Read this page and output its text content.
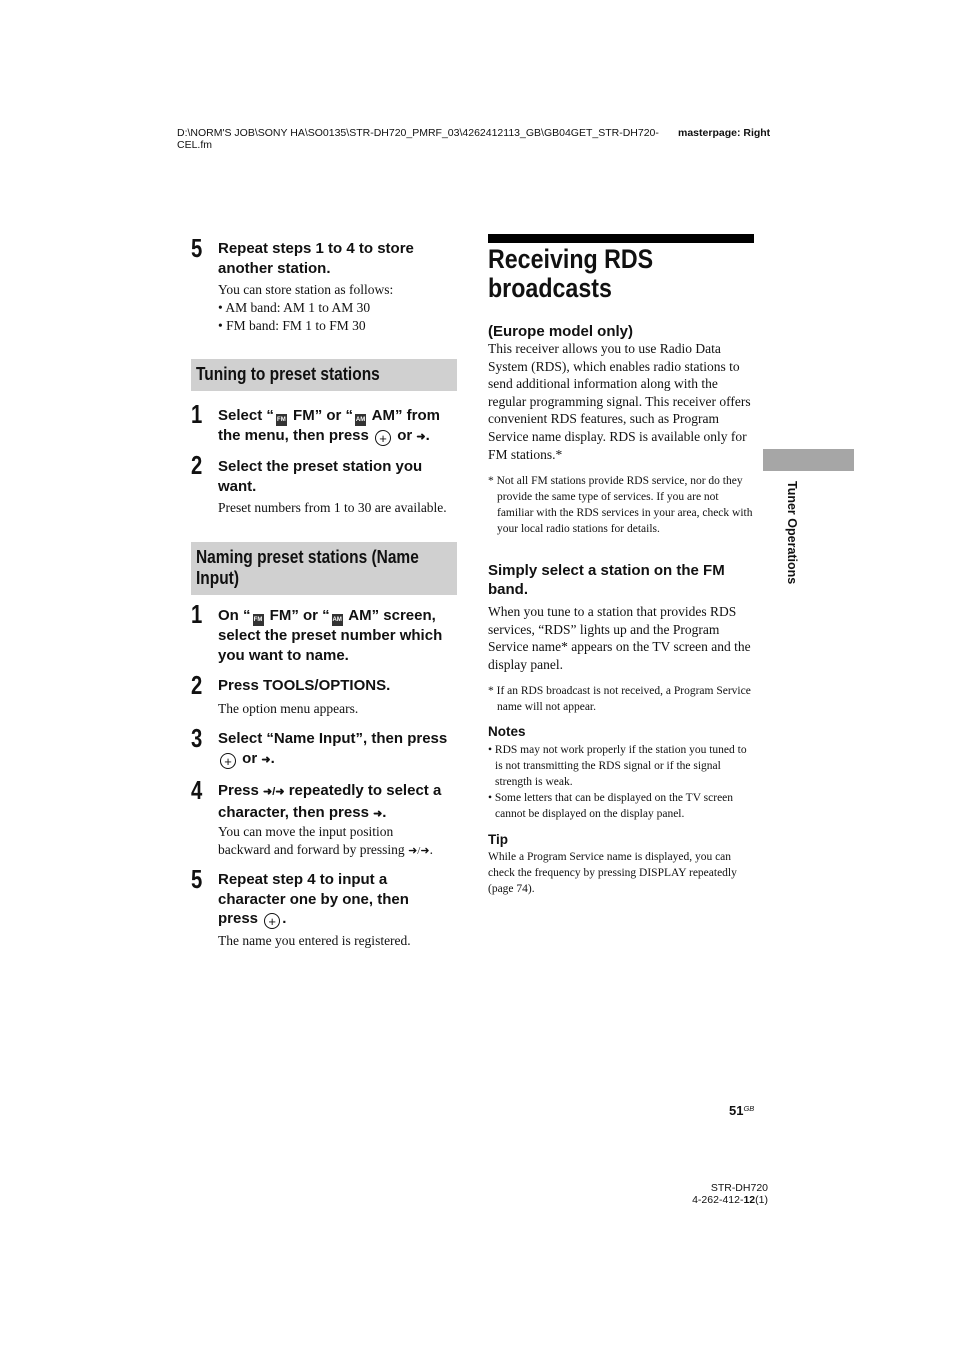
D:\NORM'S JOB\SONY HA\SO0135\STR-DH720_PMRF_03\4262412113_GB\GB04GET_STR-DH720-CEL.fm
masterpage: Right
5 Repeat steps 1 to 4 to store another station.
You can store station as follows:
• AM band: AM 1 to AM 30
• FM band: FM 1 to FM 30
Tuning to preset stations
1 Select “ FM FM” or “ AM AM” from the menu, then press + or ➜.
2 Select the preset station you want.
Preset numbers from 1 to 30 are available.
Naming preset stations (Name Input)
1 On “ FM FM” or “ AM AM” screen, select the preset number which you want to name.
2 Press TOOLS/OPTIONS.
The option menu appears.
3 Select “Name Input”, then press + or ➜.
4 Press ➜/➜ repeatedly to select a character, then press ➜.
You can move the input position backward and forward by pressing ➜/➜.
5 Repeat step 4 to input a character one by one, then press + .
The name you entered is registered.
Receiving RDS broadcasts
(Europe model only)
This receiver allows you to use Radio Data System (RDS), which enables radio stations to send additional information along with the regular programming signal. This receiver offers convenient RDS features, such as Program Service name display. RDS is available only for FM stations.*
* Not all FM stations provide RDS service, nor do they provide the same type of services. If you are not familiar with the RDS services in your area, check with your local radio stations for details.
Simply select a station on the FM band.
When you tune to a station that provides RDS services, “RDS” lights up and the Program Service name* appears on the TV screen and the display panel.
* If an RDS broadcast is not received, a Program Service name will not appear.
Notes
• RDS may not work properly if the station you tuned to is not transmitting the RDS signal or if the signal strength is weak.
• Some letters that can be displayed on the TV screen cannot be displayed on the display panel.
Tip
While a Program Service name is displayed, you can check the frequency by pressing DISPLAY repeatedly (page 74).
Tuner Operations
$51^{GB}$
STR-DH720
4-262-412-12(1)
